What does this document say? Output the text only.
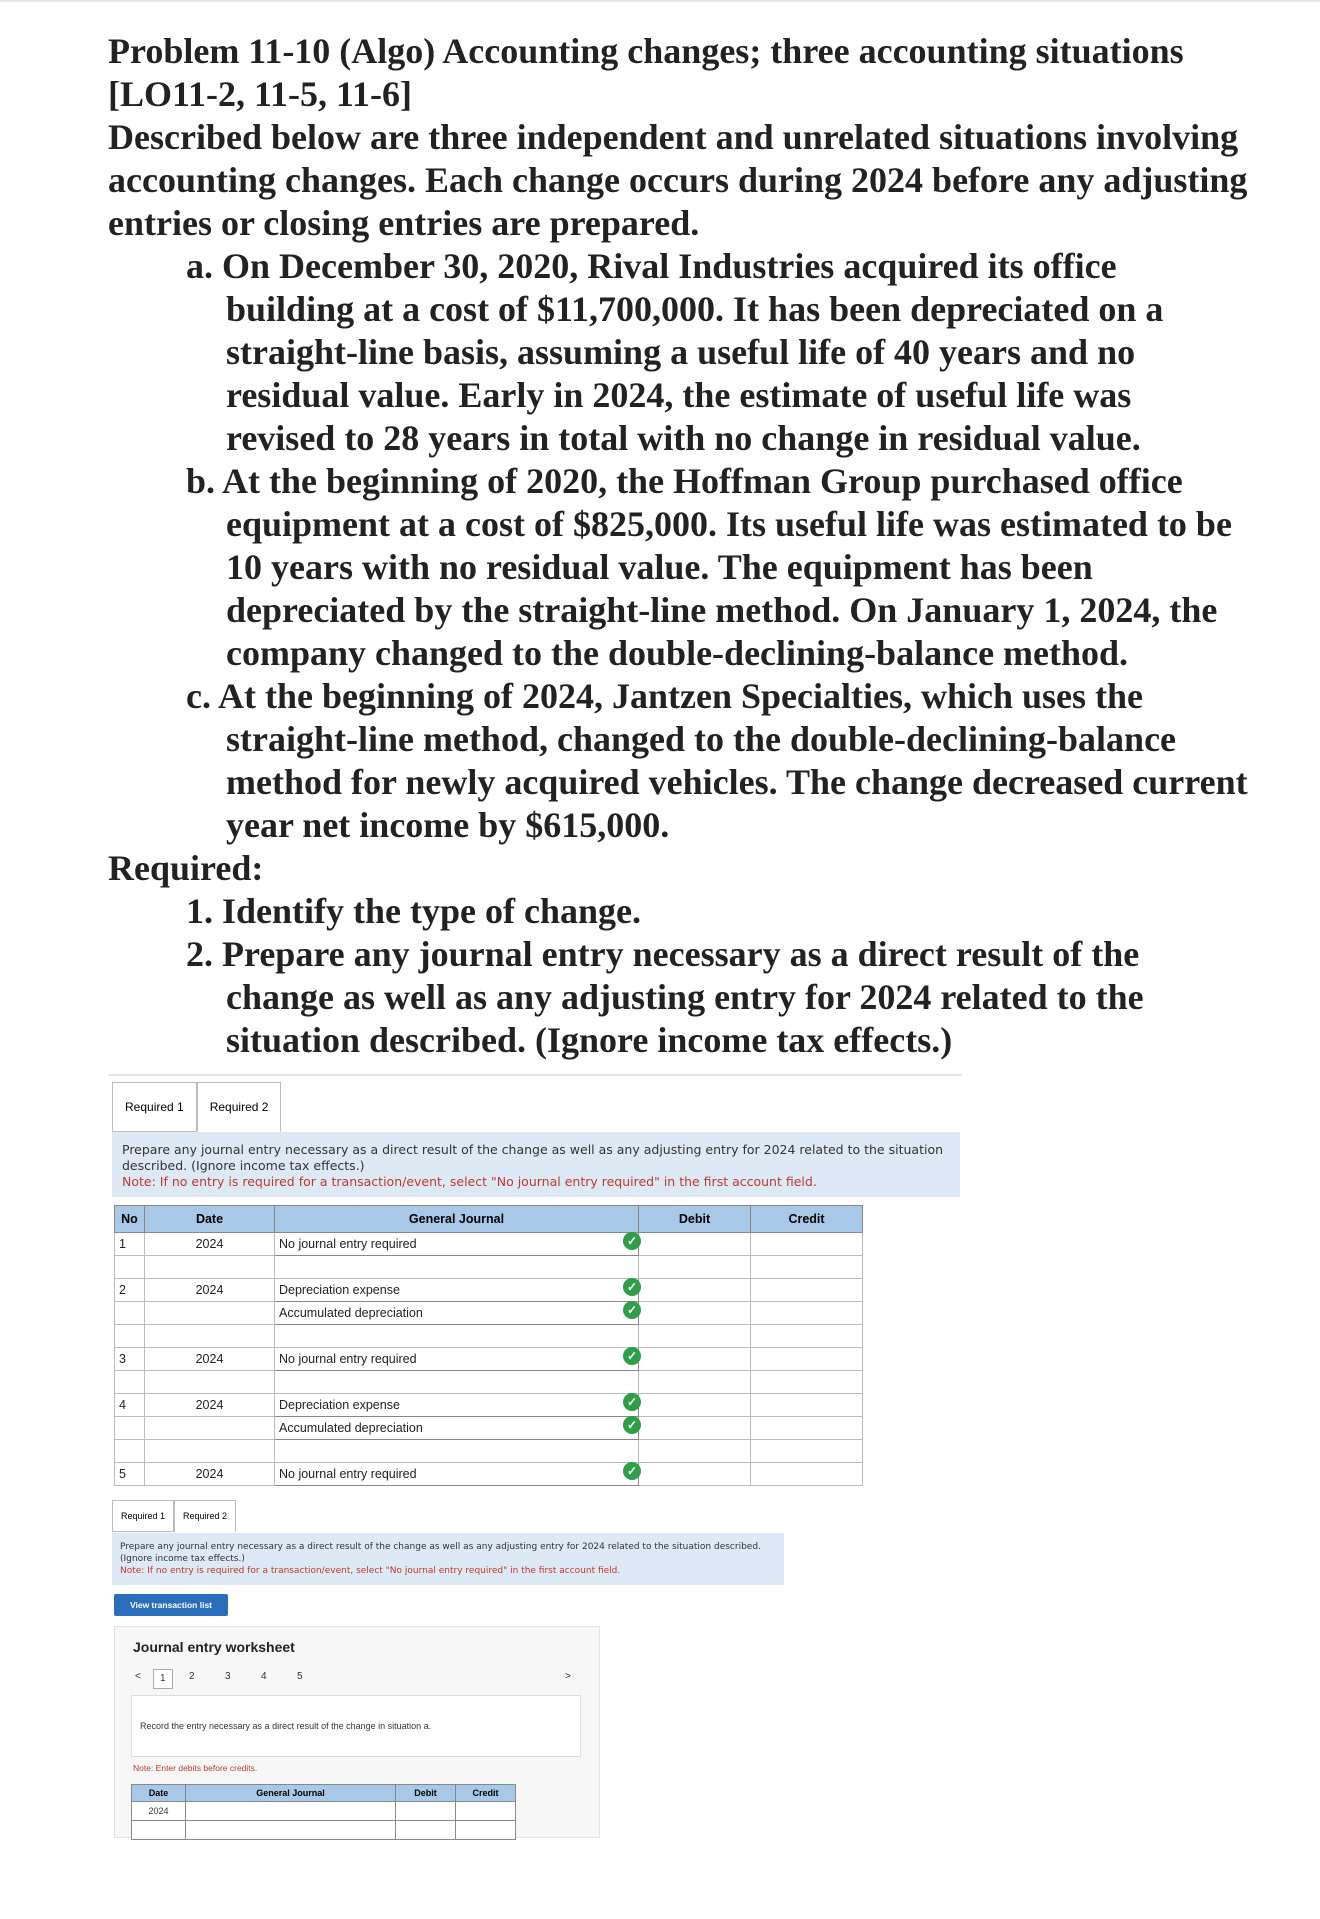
Problem 11-10 (Algo) Accounting changes; three accounting situations [LO11-2, 11-5, 11-6]
Described below are three independent and unrelated situations involving accounting changes. Each change occurs during 2024 before any adjusting entries or closing entries are prepared.
a. On December 30, 2020, Rival Industries acquired its office building at a cost of $11,700,000. It has been depreciated on a straight-line basis, assuming a useful life of 40 years and no residual value. Early in 2024, the estimate of useful life was revised to 28 years in total with no change in residual value.
b. At the beginning of 2020, the Hoffman Group purchased office equipment at a cost of $825,000. Its useful life was estimated to be 10 years with no residual value. The equipment has been depreciated by the straight-line method. On January 1, 2024, the company changed to the double-declining-balance method.
c. At the beginning of 2024, Jantzen Specialties, which uses the straight-line method, changed to the double-declining-balance method for newly acquired vehicles. The change decreased current year net income by $615,000.
Required:
1. Identify the type of change.
2. Prepare any journal entry necessary as a direct result of the change as well as any adjusting entry for 2024 related to the situation described. (Ignore income tax effects.)
Required 1	Required 2
Prepare any journal entry necessary as a direct result of the change as well as any adjusting entry for 2024 related to the situation described. (Ignore income tax effects.)
Note: If no entry is required for a transaction/event, select "No journal entry required" in the first account field.
No	Date	General Journal	Debit	Credit
1	2024	No journal entry required		

2	2024	Depreciation expense		
		Accumulated depreciation		

3	2024	No journal entry required		

4	2024	Depreciation expense		
		Accumulated depreciation		

5	2024	No journal entry required		
✓
✓
✓
✓
✓
✓
✓
Required 1	Required 2
Prepare any journal entry necessary as a direct result of the change as well as any adjusting entry for 2024 related to the situation described. (Ignore income tax effects.)
Note: If no entry is required for a transaction/event, select "No journal entry required" in the first account field.
View transaction list
Journal entry worksheet
<	1	2	3	4	5	>
Record the entry necessary as a direct result of the change in situation a.
Note: Enter debits before credits.
Date	General Journal	Debit	Credit
2024			
